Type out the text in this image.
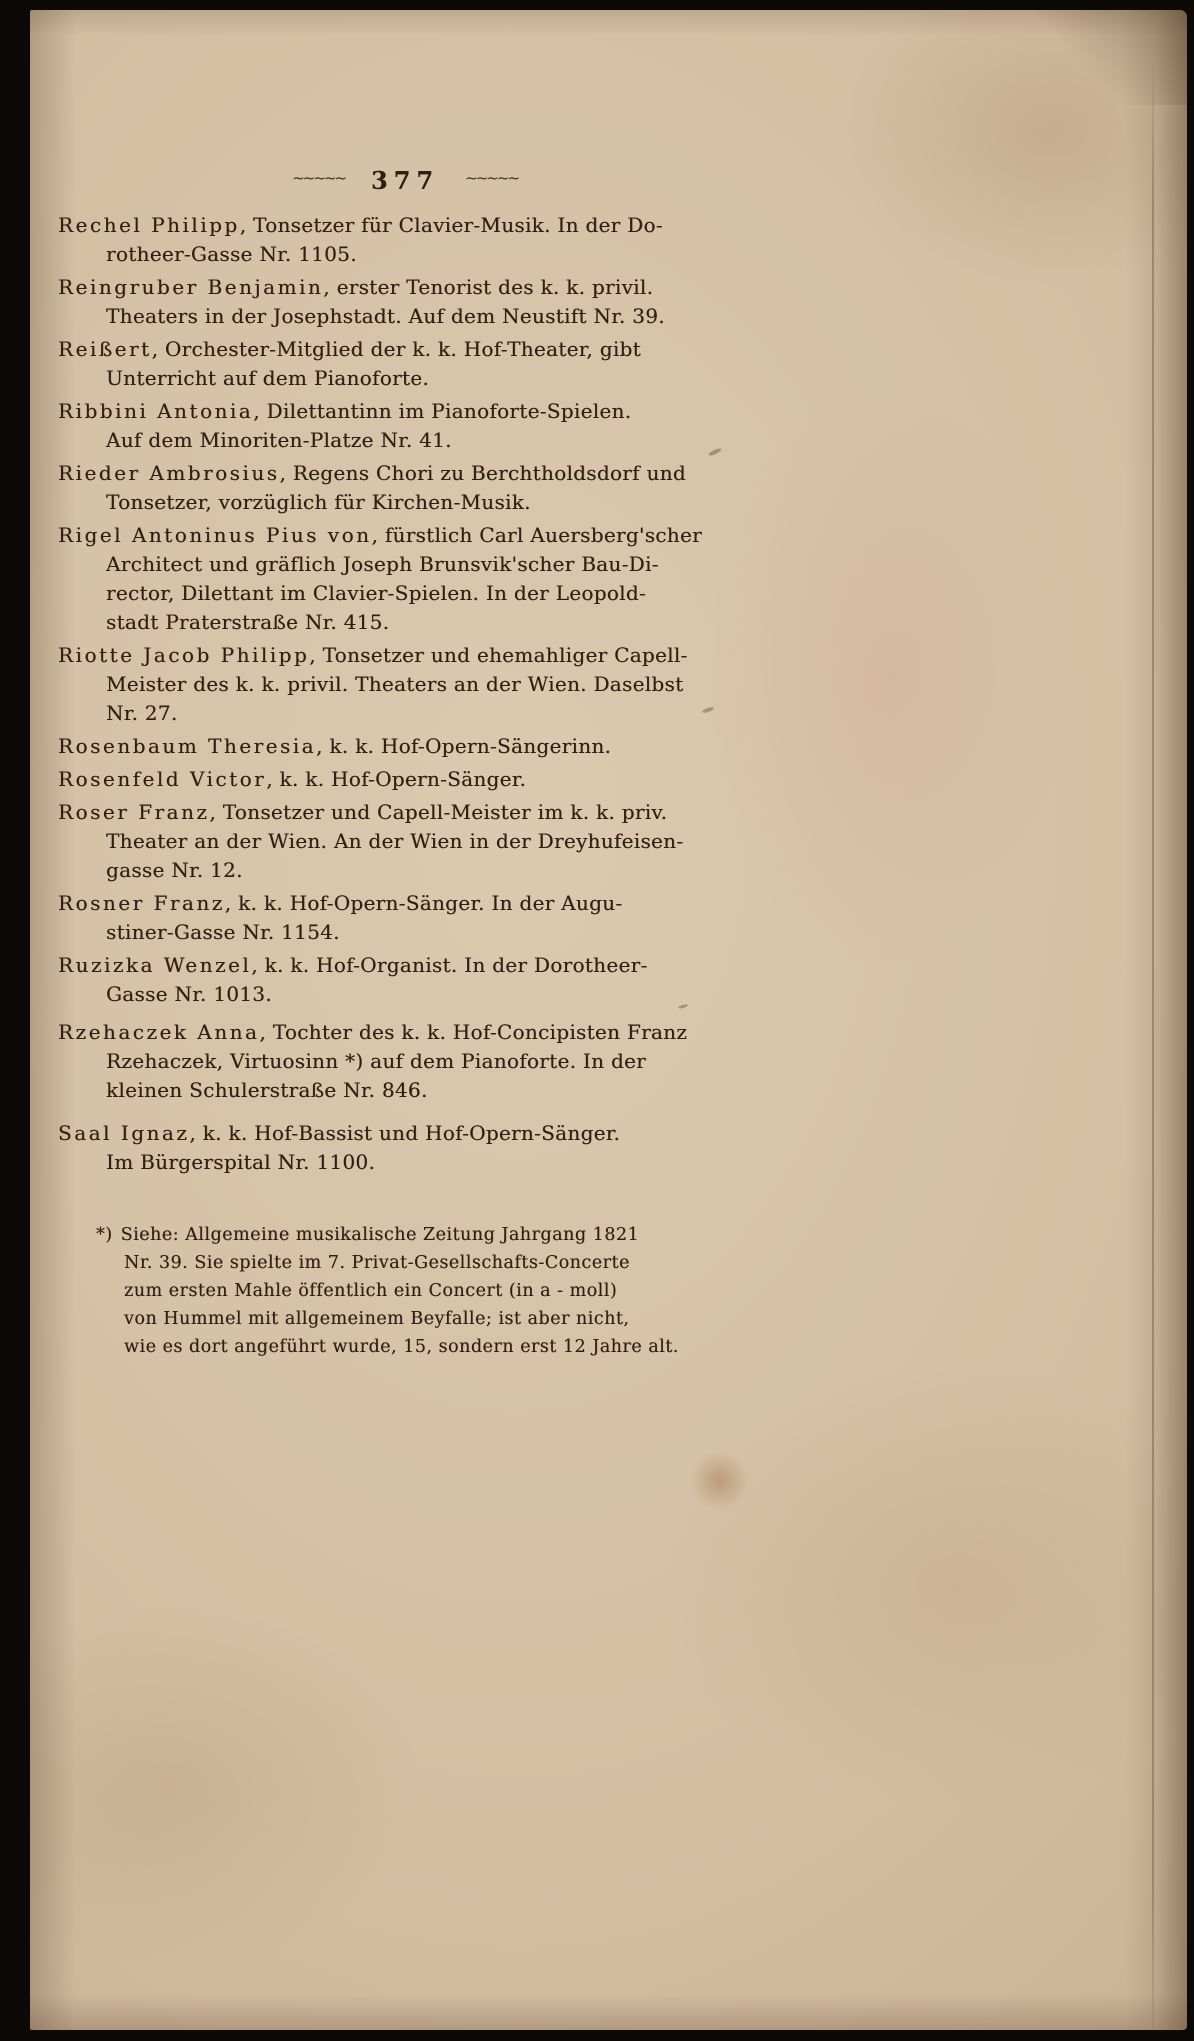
~~~~~ 377 ~~~~~
Rechel Philipp, Tonsetzer für Clavier-Musik. In der Do-
rotheer-Gasse Nr. 1105.
Reingruber Benjamin, erster Tenorist des k. k. privil.
Theaters in der Josephstadt. Auf dem Neustift Nr. 39.
Reißert, Orchester-Mitglied der k. k. Hof-Theater, gibt
Unterricht auf dem Pianoforte.
Ribbini Antonia, Dilettantinn im Pianoforte-Spielen.
Auf dem Minoriten-Platze Nr. 41.
Rieder Ambrosius, Regens Chori zu Berchtholdsdorf und
Tonsetzer, vorzüglich für Kirchen-Musik.
Rigel Antoninus Pius von, fürstlich Carl Auersberg'scher
Architect und gräflich Joseph Brunsvik'scher Bau-Di-
rector, Dilettant im Clavier-Spielen. In der Leopold-
stadt Praterstraße Nr. 415.
Riotte Jacob Philipp, Tonsetzer und ehemahliger Capell-
Meister des k. k. privil. Theaters an der Wien. Daselbst
Nr. 27.
Rosenbaum Theresia, k. k. Hof-Opern-Sängerinn.
Rosenfeld Victor, k. k. Hof-Opern-Sänger.
Roser Franz, Tonsetzer und Capell-Meister im k. k. priv.
Theater an der Wien. An der Wien in der Dreyhufeisen-
gasse Nr. 12.
Rosner Franz, k. k. Hof-Opern-Sänger. In der Augu-
stiner-Gasse Nr. 1154.
Ruzizka Wenzel, k. k. Hof-Organist. In der Dorotheer-
Gasse Nr. 1013.
Rzehaczek Anna, Tochter des k. k. Hof-Concipisten Franz
Rzehaczek, Virtuosinn *) auf dem Pianoforte. In der
kleinen Schulerstraße Nr. 846.
Saal Ignaz, k. k. Hof-Bassist und Hof-Opern-Sänger.
Im Bürgerspital Nr. 1100.
*) Siehe: Allgemeine musikalische Zeitung Jahrgang 1821
Nr. 39. Sie spielte im 7. Privat-Gesellschafts-Concerte
zum ersten Mahle öffentlich ein Concert (in a - moll)
von Hummel mit allgemeinem Beyfalle; ist aber nicht,
wie es dort angeführt wurde, 15, sondern erst 12 Jahre alt.
